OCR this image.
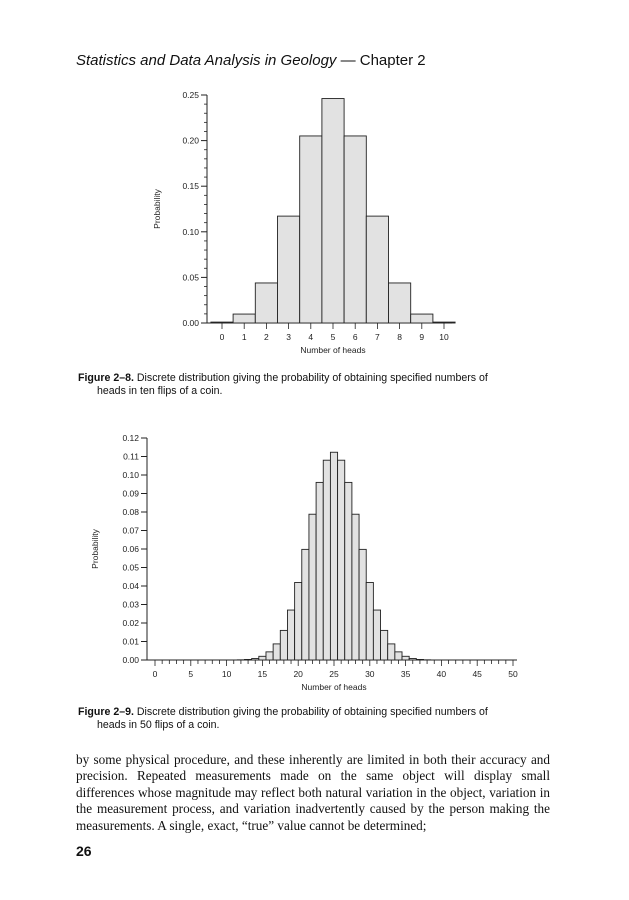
Statistics and Data Analysis in Geology — Chapter 2
0.00
0.05
0.10
0.15
0.20
0.25
Probability
0 1 2 3 4 5 6 7 8 9 10
Number of heads
Figure 2–8. Discrete distribution giving the probability of obtaining specified numbers of
heads in ten flips of a coin.
0.00
0.01
0.02
0.03
0.04
0.05
0.06
0.07
0.08
0.09
0.10
0.11
0.12
Probability
0	5	10	15	20	25	30	35	40	45	50
Number of heads
Figure 2–9. Discrete distribution giving the probability of obtaining specified numbers of
heads in 50 flips of a coin.
by some physical procedure, and these inherently are limited in both their accuracy and precision. Repeated measurements made on the same object will display small differences whose magnitude may reflect both natural variation in the object, variation in the measurement process, and variation inadvertently caused by the person making the measurements. A single, exact, “true” value cannot be determined;
26
